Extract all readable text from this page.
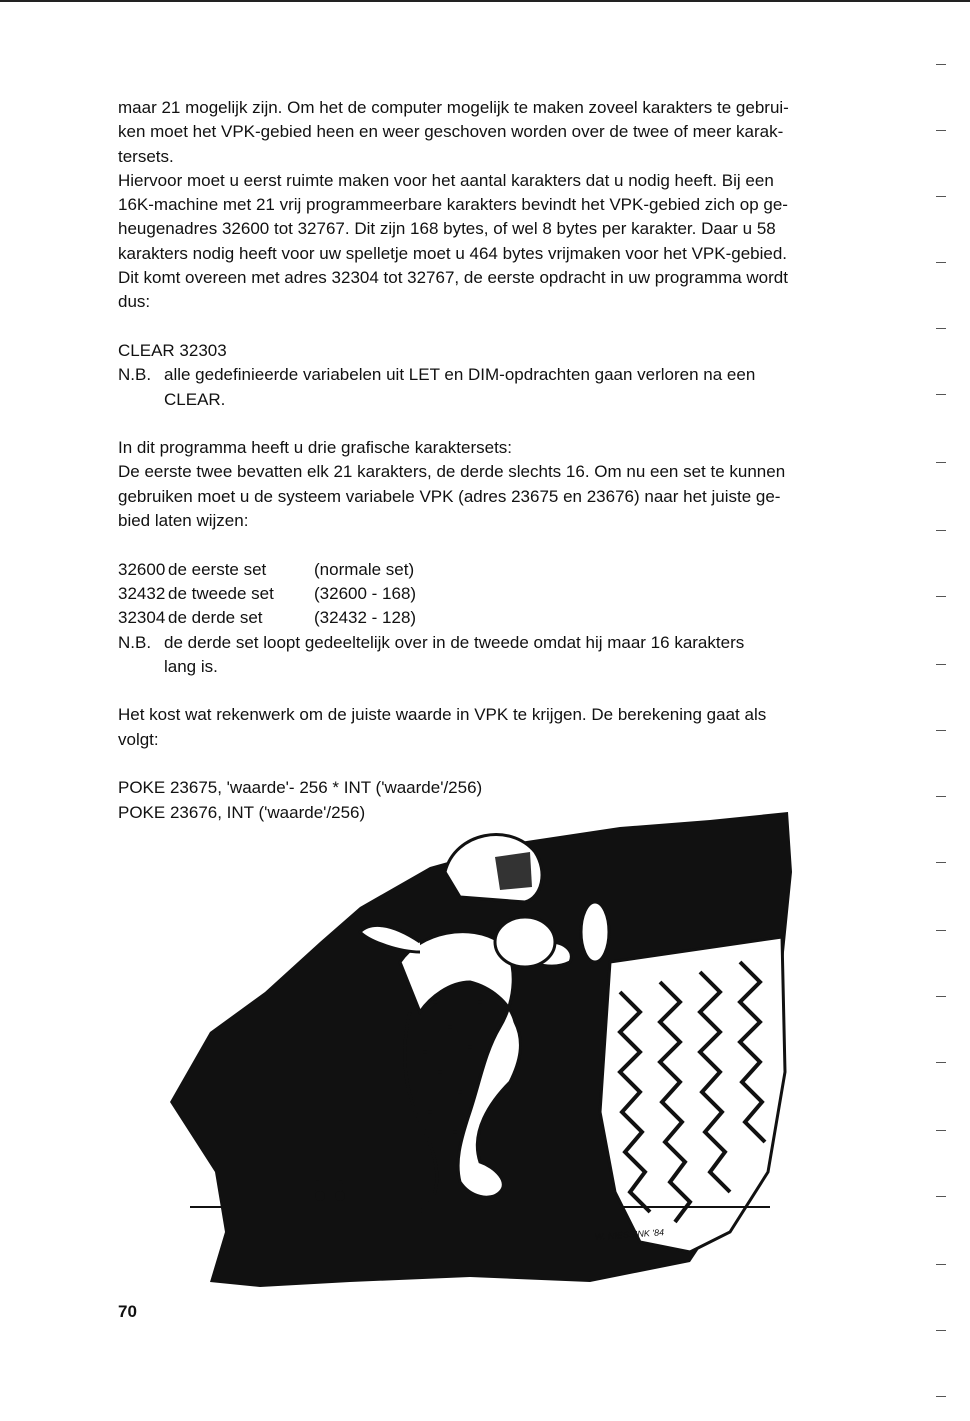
maar 21 mogelijk zijn. Om het de computer mogelijk te maken zoveel karakters te gebrui-
ken moet het VPK-gebied heen en weer geschoven worden over de twee of meer karak-
tersets.

Hiervoor moet u eerst ruimte maken voor het aantal karakters dat u nodig heeft. Bij een
16K-machine met 21 vrij programmeerbare karakters bevindt het VPK-gebied zich op ge-
heugenadres 32600 tot 32767. Dit zijn 168 bytes, of wel 8 bytes per karakter. Daar u 58
karakters nodig heeft voor uw spelletje moet u 464 bytes vrijmaken voor het VPK-gebied.
Dit komt overeen met adres 32304 tot 32767, de eerste opdracht in uw programma wordt
dus:

CLEAR 32303

N.B. alle gedefinieerde variabelen uit LET en DIM-opdrachten gaan verloren na een

CLEAR.

In dit programma heeft u drie grafische karaktersets:

De eerste twee bevatten elk 21 karakters, de derde slechts 16. Om nu een set te kunnen
gebruiken moet u de systeem variabele VPK (adres 23675 en 23676) naar het juiste ge-
bied laten wijzen:

32600 de eerste set	(normale set)
32432 de tweede set	(32600 - 168)
32304 de derde set	(32432 - 128)
N.B. de derde set loopt gedeeltelijk over in de tweede omdat hij maar 16 karakters

lang is.

Het kost wat rekenwerk om de juiste waarde in VPK te krijgen. De berekening gaat als
volgt:

POKE 23675, 'waarde'- 256 * INT ('waarde'/256)

POKE 23676, INT ('waarde'/256)

W. NIESSINK '84
70
